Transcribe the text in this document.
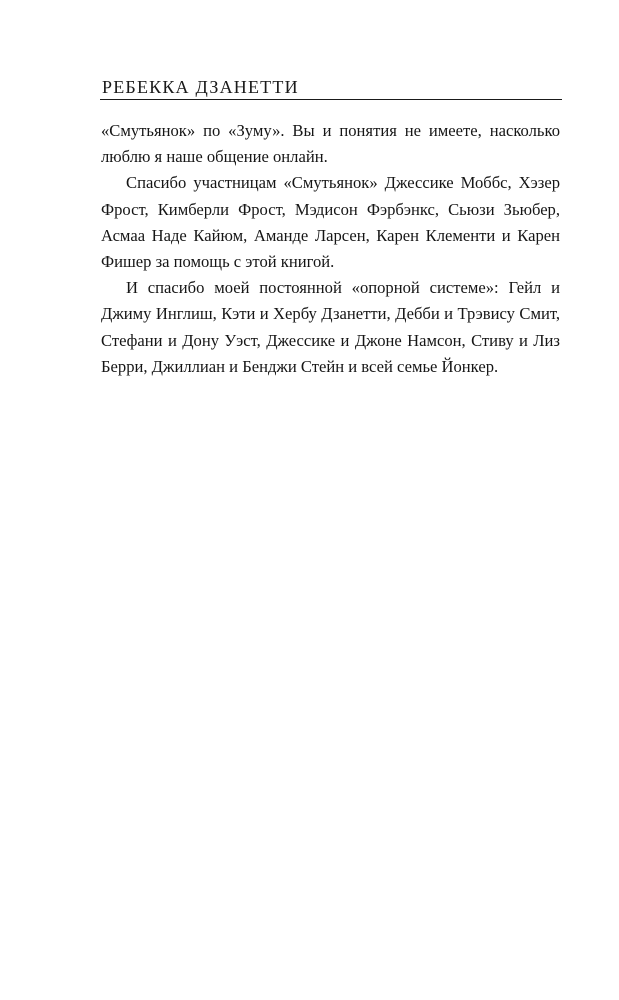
РЕБЕККА ДЗАНЕТТИ

«Смутьянок» по «Зуму». Вы и понятия не имеете, насколько люблю я наше общение онлайн.

Спасибо участницам «Смутьянок» Джессике Моббс, Хэзер Фрост, Кимберли Фрост, Мэдисон Фэрбэнкс, Сьюзи Зьюбер, Асмаа Наде Кайюм, Аманде Ларсен, Карен Клементи и Карен Фишер за помощь с этой книгой.

И спасибо моей постоянной «опорной системе»: Гейл и Джиму Инглиш, Кэти и Хербу Дзанетти, Дебби и Трэвису Смит, Стефани и Дону Уэст, Джессике и Джоне Намсон, Стиву и Лиз Берри, Джиллиан и Бенджи Стейн и всей семье Йонкер.
